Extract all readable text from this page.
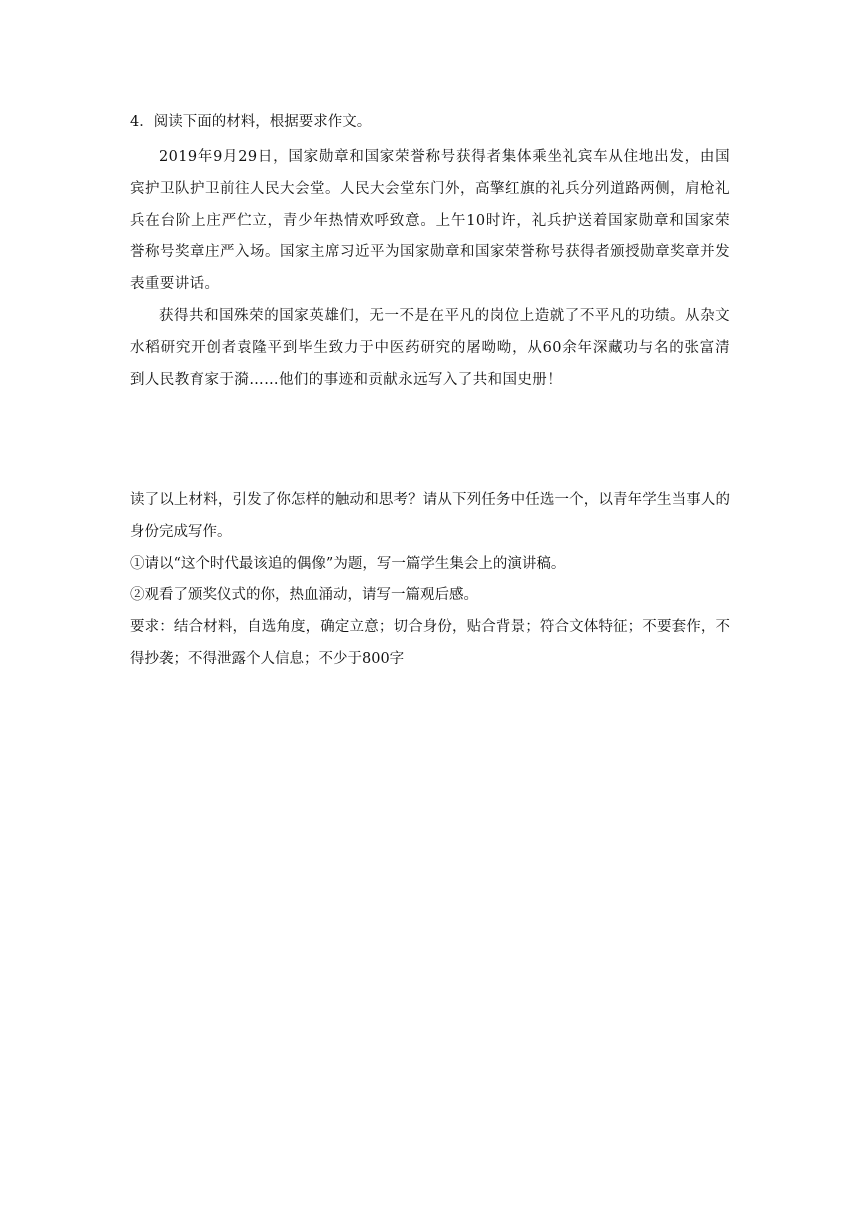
4．阅读下面的材料，根据要求作文。

2019年9月29日，国家勋章和国家荣誉称号获得者集体乘坐礼宾车从住地出发，由国宾护卫队护卫前往人民大会堂。人民大会堂东门外，高擎红旗的礼兵分列道路两侧，肩枪礼兵在台阶上庄严伫立，青少年热情欢呼致意。上午10时许，礼兵护送着国家勋章和国家荣誉称号奖章庄严入场。国家主席习近平为国家勋章和国家荣誉称号获得者颁授勋章奖章并发表重要讲话。

获得共和国殊荣的国家英雄们，无一不是在平凡的岗位上造就了不平凡的功绩。从杂文水稻研究开创者袁隆平到毕生致力于中医药研究的屠呦呦，从60余年深藏功与名的张富清到人民教育家于漪……他们的事迹和贡献永远写入了共和国史册！

读了以上材料，引发了你怎样的触动和思考？请从下列任务中任选一个，以青年学生当事人的身份完成写作。

①请以“这个时代最该追的偶像”为题，写一篇学生集会上的演讲稿。

②观看了颁奖仪式的你，热血涌动，请写一篇观后感。

要求：结合材料，自选角度，确定立意；切合身份，贴合背景；符合文体特征；不要套作，不得抄袭；不得泄露个人信息；不少于800字
